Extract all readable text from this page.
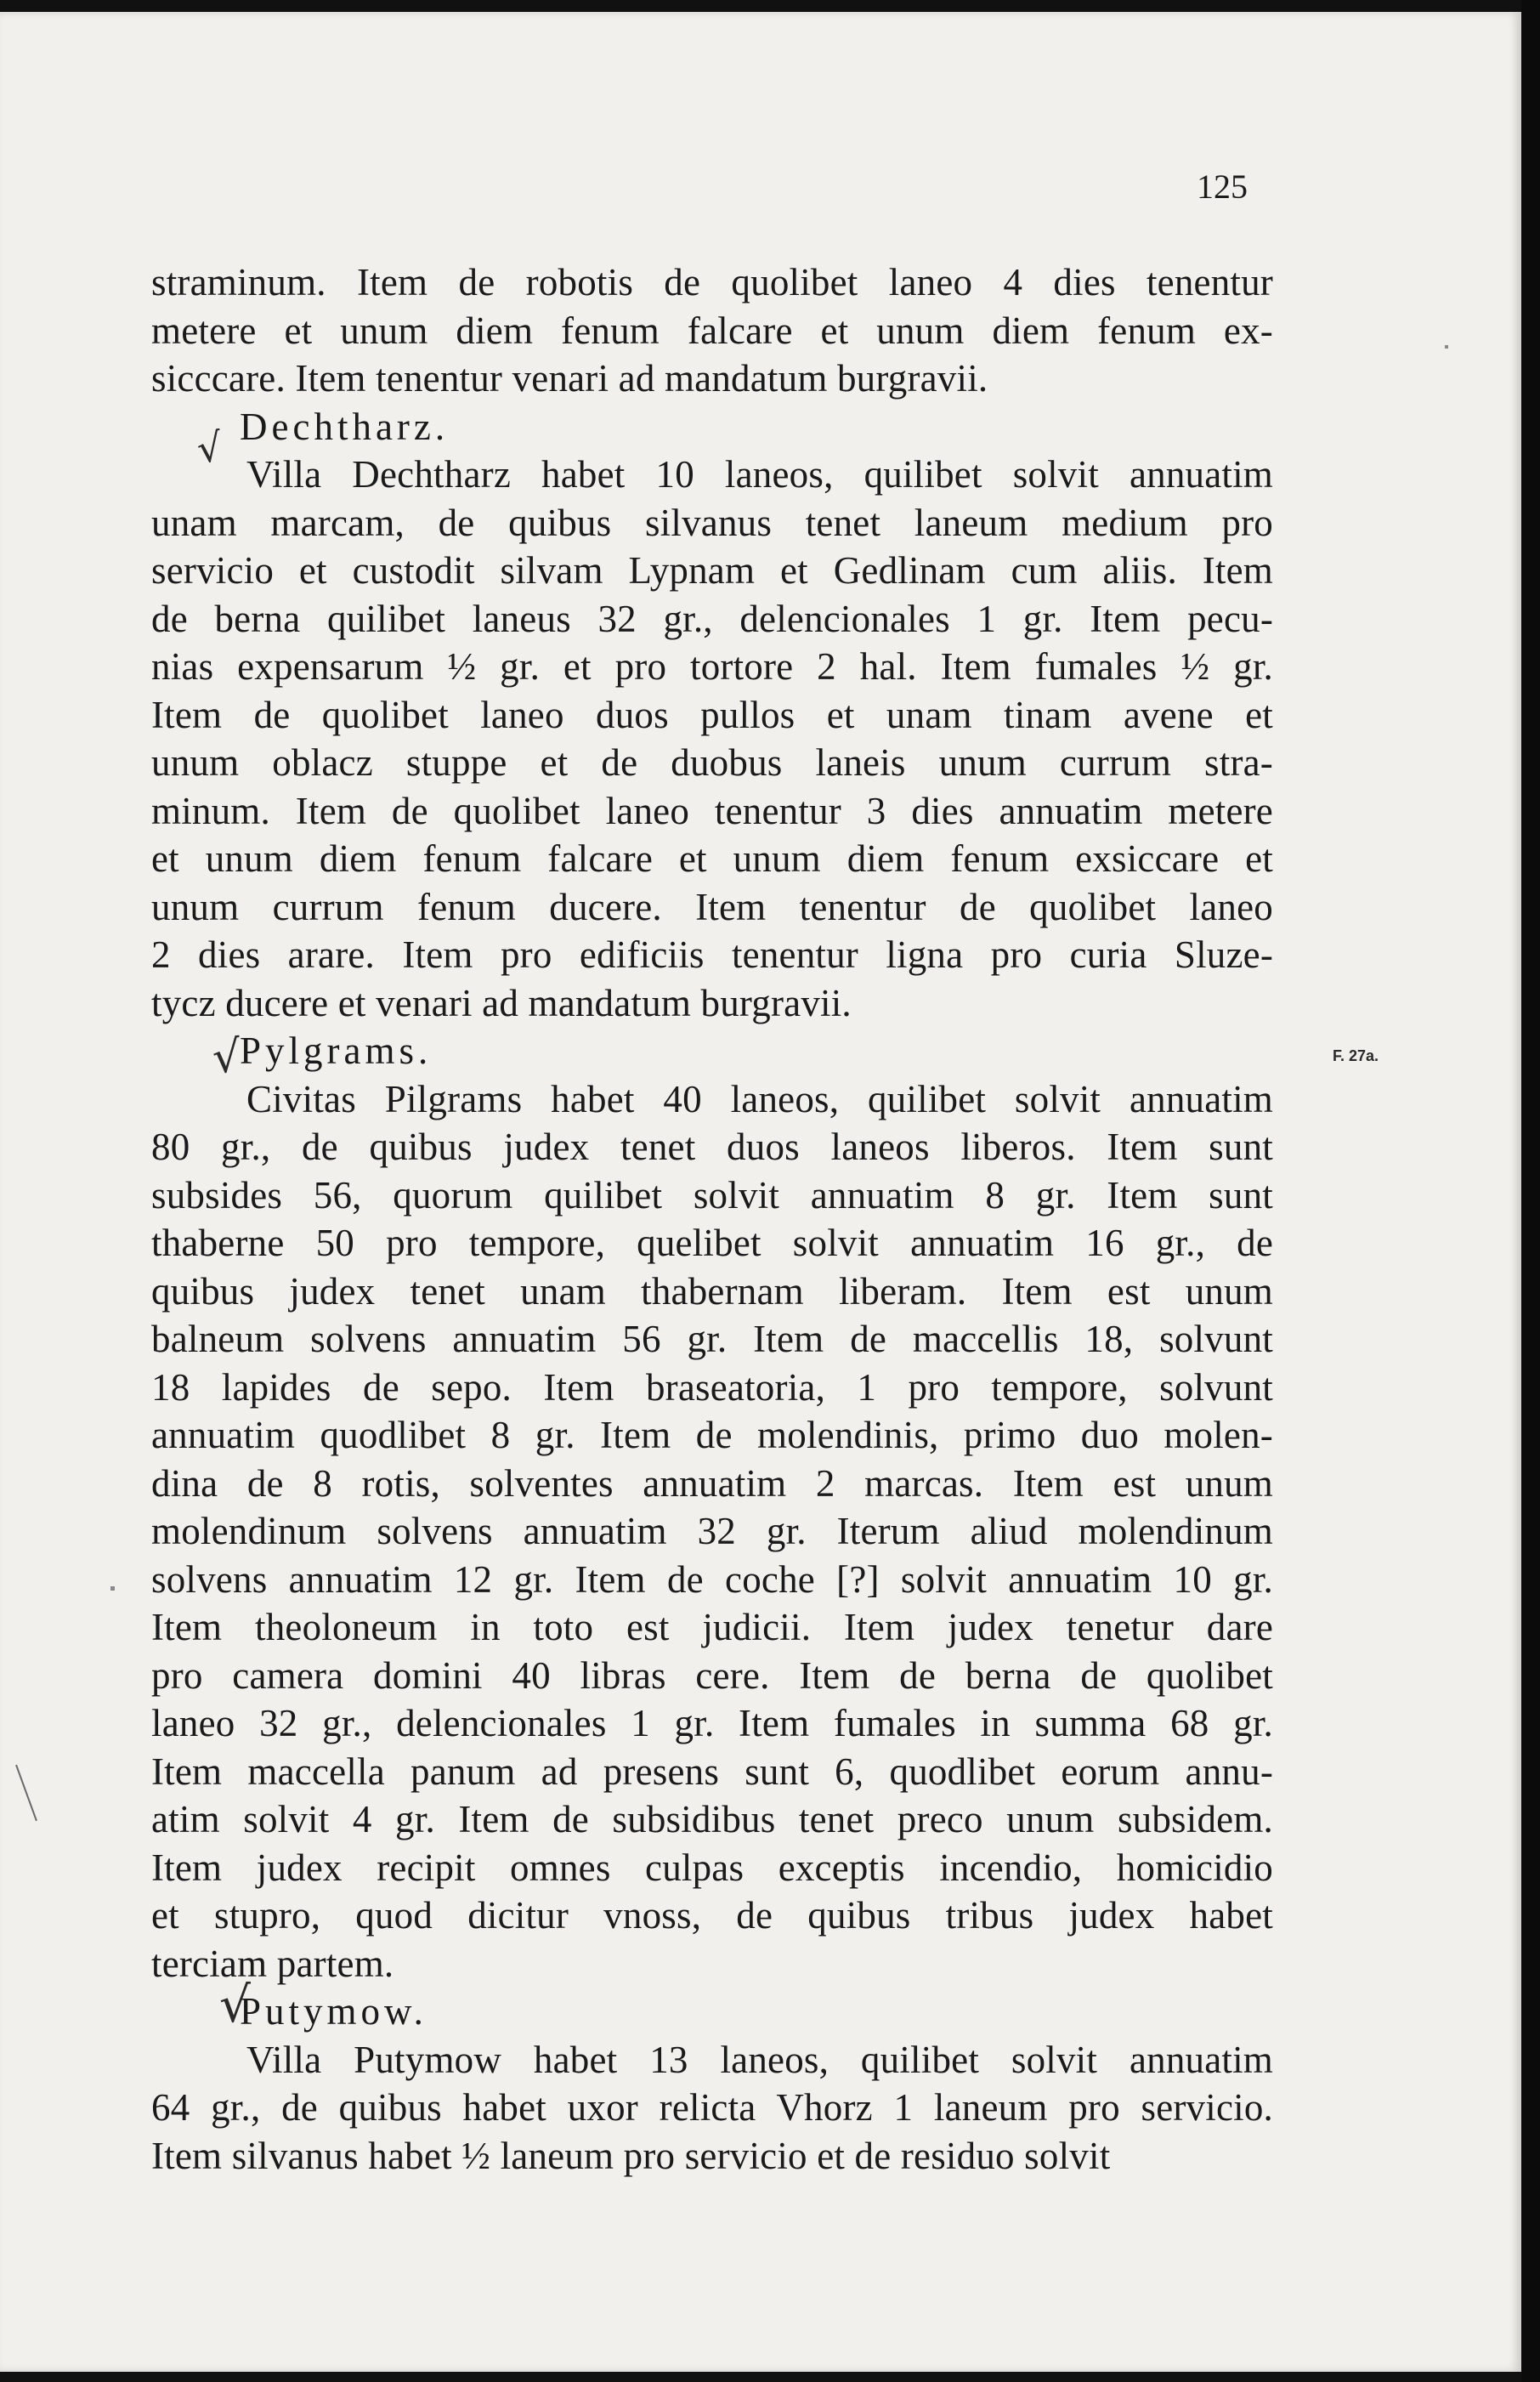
125
F. 27a.
√
√
√
straminum. Item de robotis de quolibet laneo 4 dies tenentur
metere et unum diem fenum falcare et unum diem fenum ex-
sicccare. Item tenentur venari ad mandatum burgravii.
Dechtharz.
Villa Dechtharz habet 10 laneos, quilibet solvit annuatim
unam marcam, de quibus silvanus tenet laneum medium pro
servicio et custodit silvam Lypnam et Gedlinam cum aliis. Item
de berna quilibet laneus 32 gr., delencionales 1 gr. Item pecu-
nias expensarum ½ gr. et pro tortore 2 hal. Item fumales ½ gr.
Item de quolibet laneo duos pullos et unam tinam avene et
unum oblacz stuppe et de duobus laneis unum currum stra-
minum. Item de quolibet laneo tenentur 3 dies annuatim metere
et unum diem fenum falcare et unum diem fenum exsiccare et
unum currum fenum ducere. Item tenentur de quolibet laneo
2 dies arare. Item pro edificiis tenentur ligna pro curia Sluze-
tycz ducere et venari ad mandatum burgravii.
Pylgrams.
Civitas Pilgrams habet 40 laneos, quilibet solvit annuatim
80 gr., de quibus judex tenet duos laneos liberos. Item sunt
subsides 56, quorum quilibet solvit annuatim 8 gr. Item sunt
thaberne 50 pro tempore, quelibet solvit annuatim 16 gr., de
quibus judex tenet unam thabernam liberam. Item est unum
balneum solvens annuatim 56 gr. Item de maccellis 18, solvunt
18 lapides de sepo. Item braseatoria, 1 pro tempore, solvunt
annuatim quodlibet 8 gr. Item de molendinis, primo duo molen-
dina de 8 rotis, solventes annuatim 2 marcas. Item est unum
molendinum solvens annuatim 32 gr. Iterum aliud molendinum
solvens annuatim 12 gr. Item de coche [?] solvit annuatim 10 gr.
Item theoloneum in toto est judicii. Item judex tenetur dare
pro camera domini 40 libras cere. Item de berna de quolibet
laneo 32 gr., delencionales 1 gr. Item fumales in summa 68 gr.
Item maccella panum ad presens sunt 6, quodlibet eorum annu-
atim solvit 4 gr. Item de subsidibus tenet preco unum subsidem.
Item judex recipit omnes culpas exceptis incendio, homicidio
et stupro, quod dicitur vnoss, de quibus tribus judex habet
terciam partem.
Putymow.
Villa Putymow habet 13 laneos, quilibet solvit annuatim
64 gr., de quibus habet uxor relicta Vhorz 1 laneum pro servicio.
Item silvanus habet ½ laneum pro servicio et de residuo solvit
